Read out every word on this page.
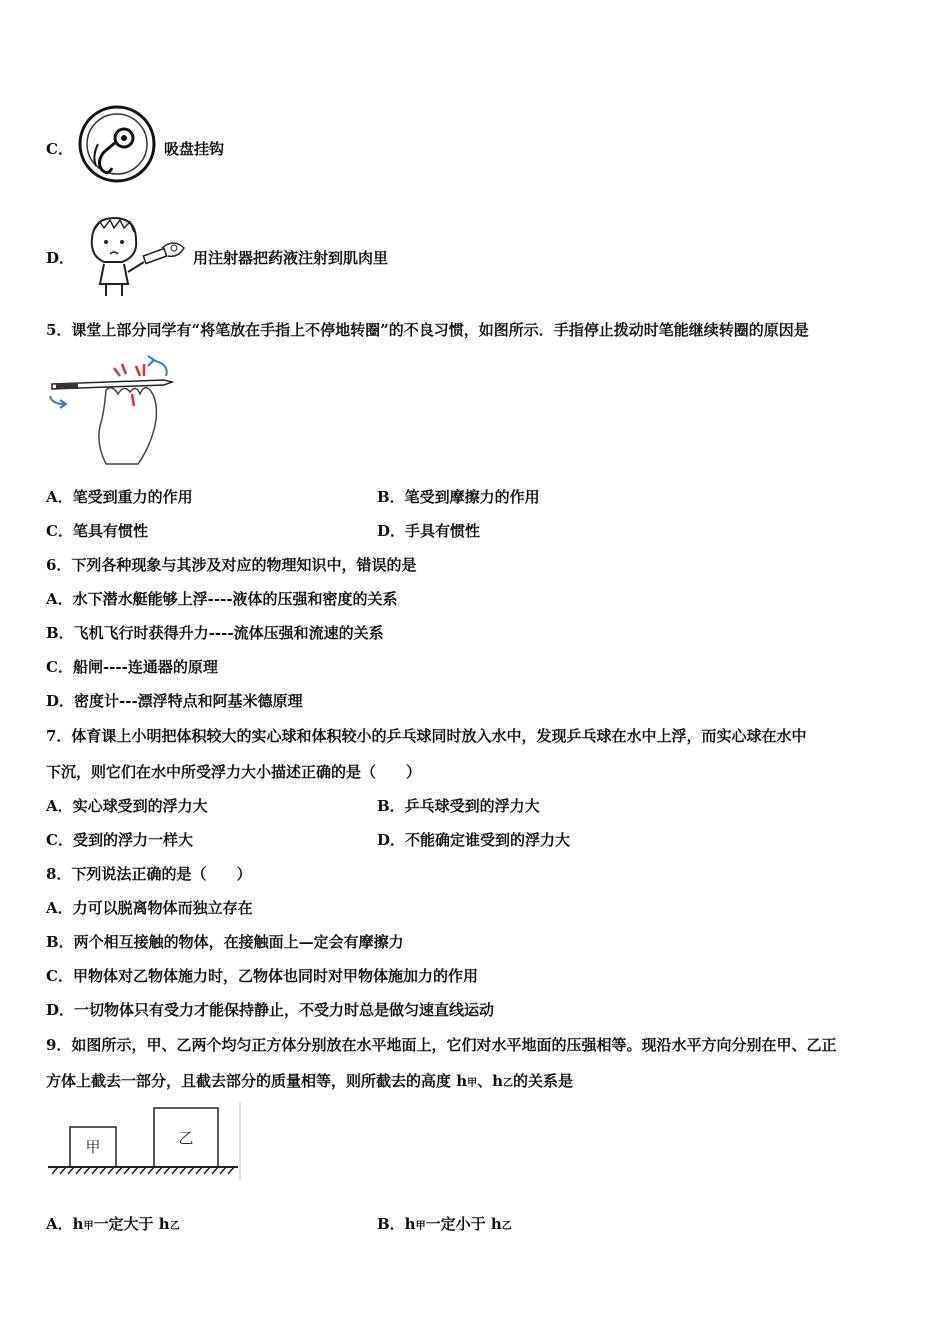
C．	吸盘挂钩
D．	用注射器把药液注射到肌肉里
5．课堂上部分同学有“将笔放在手指上不停地转圈”的不良习惯，如图所示．手指停止拨动时笔能继续转圈的原因是
A．笔受到重力的作用	B．笔受到摩擦力的作用
C．笔具有惯性	D．手具有惯性
6．下列各种现象与其涉及对应的物理知识中，错误的是
A．水下潜水艇能够上浮----液体的压强和密度的关系
B．飞机飞行时获得升力----流体压强和流速的关系
C．船闸----连通器的原理
D．密度计---漂浮特点和阿基米德原理
7．体育课上小明把体积较大的实心球和体积较小的乒乓球同时放入水中，发现乒乓球在水中上浮，而实心球在水中
下沉，则它们在水中所受浮力大小描述正确的是（　　）
A．实心球受到的浮力大	B．乒乓球受到的浮力大
C．受到的浮力一样大	D．不能确定谁受到的浮力大
8．下列说法正确的是（　　）
A．力可以脱离物体而独立存在
B．两个相互接触的物体，在接触面上—定会有摩擦力
C．甲物体对乙物体施力时，乙物体也同时对甲物体施加力的作用
D．一切物体只有受力才能保持静止，不受力时总是做匀速直线运动
9．如图所示，甲、乙两个均匀正方体分别放在水平地面上，它们对水平地面的压强相等。现沿水平方向分别在甲、乙正
方体上截去一部分，且截去部分的质量相等，则所截去的高度 h甲、h乙的关系是
甲	乙
A．h甲一定大于 h乙	B．h甲一定小于 h乙
